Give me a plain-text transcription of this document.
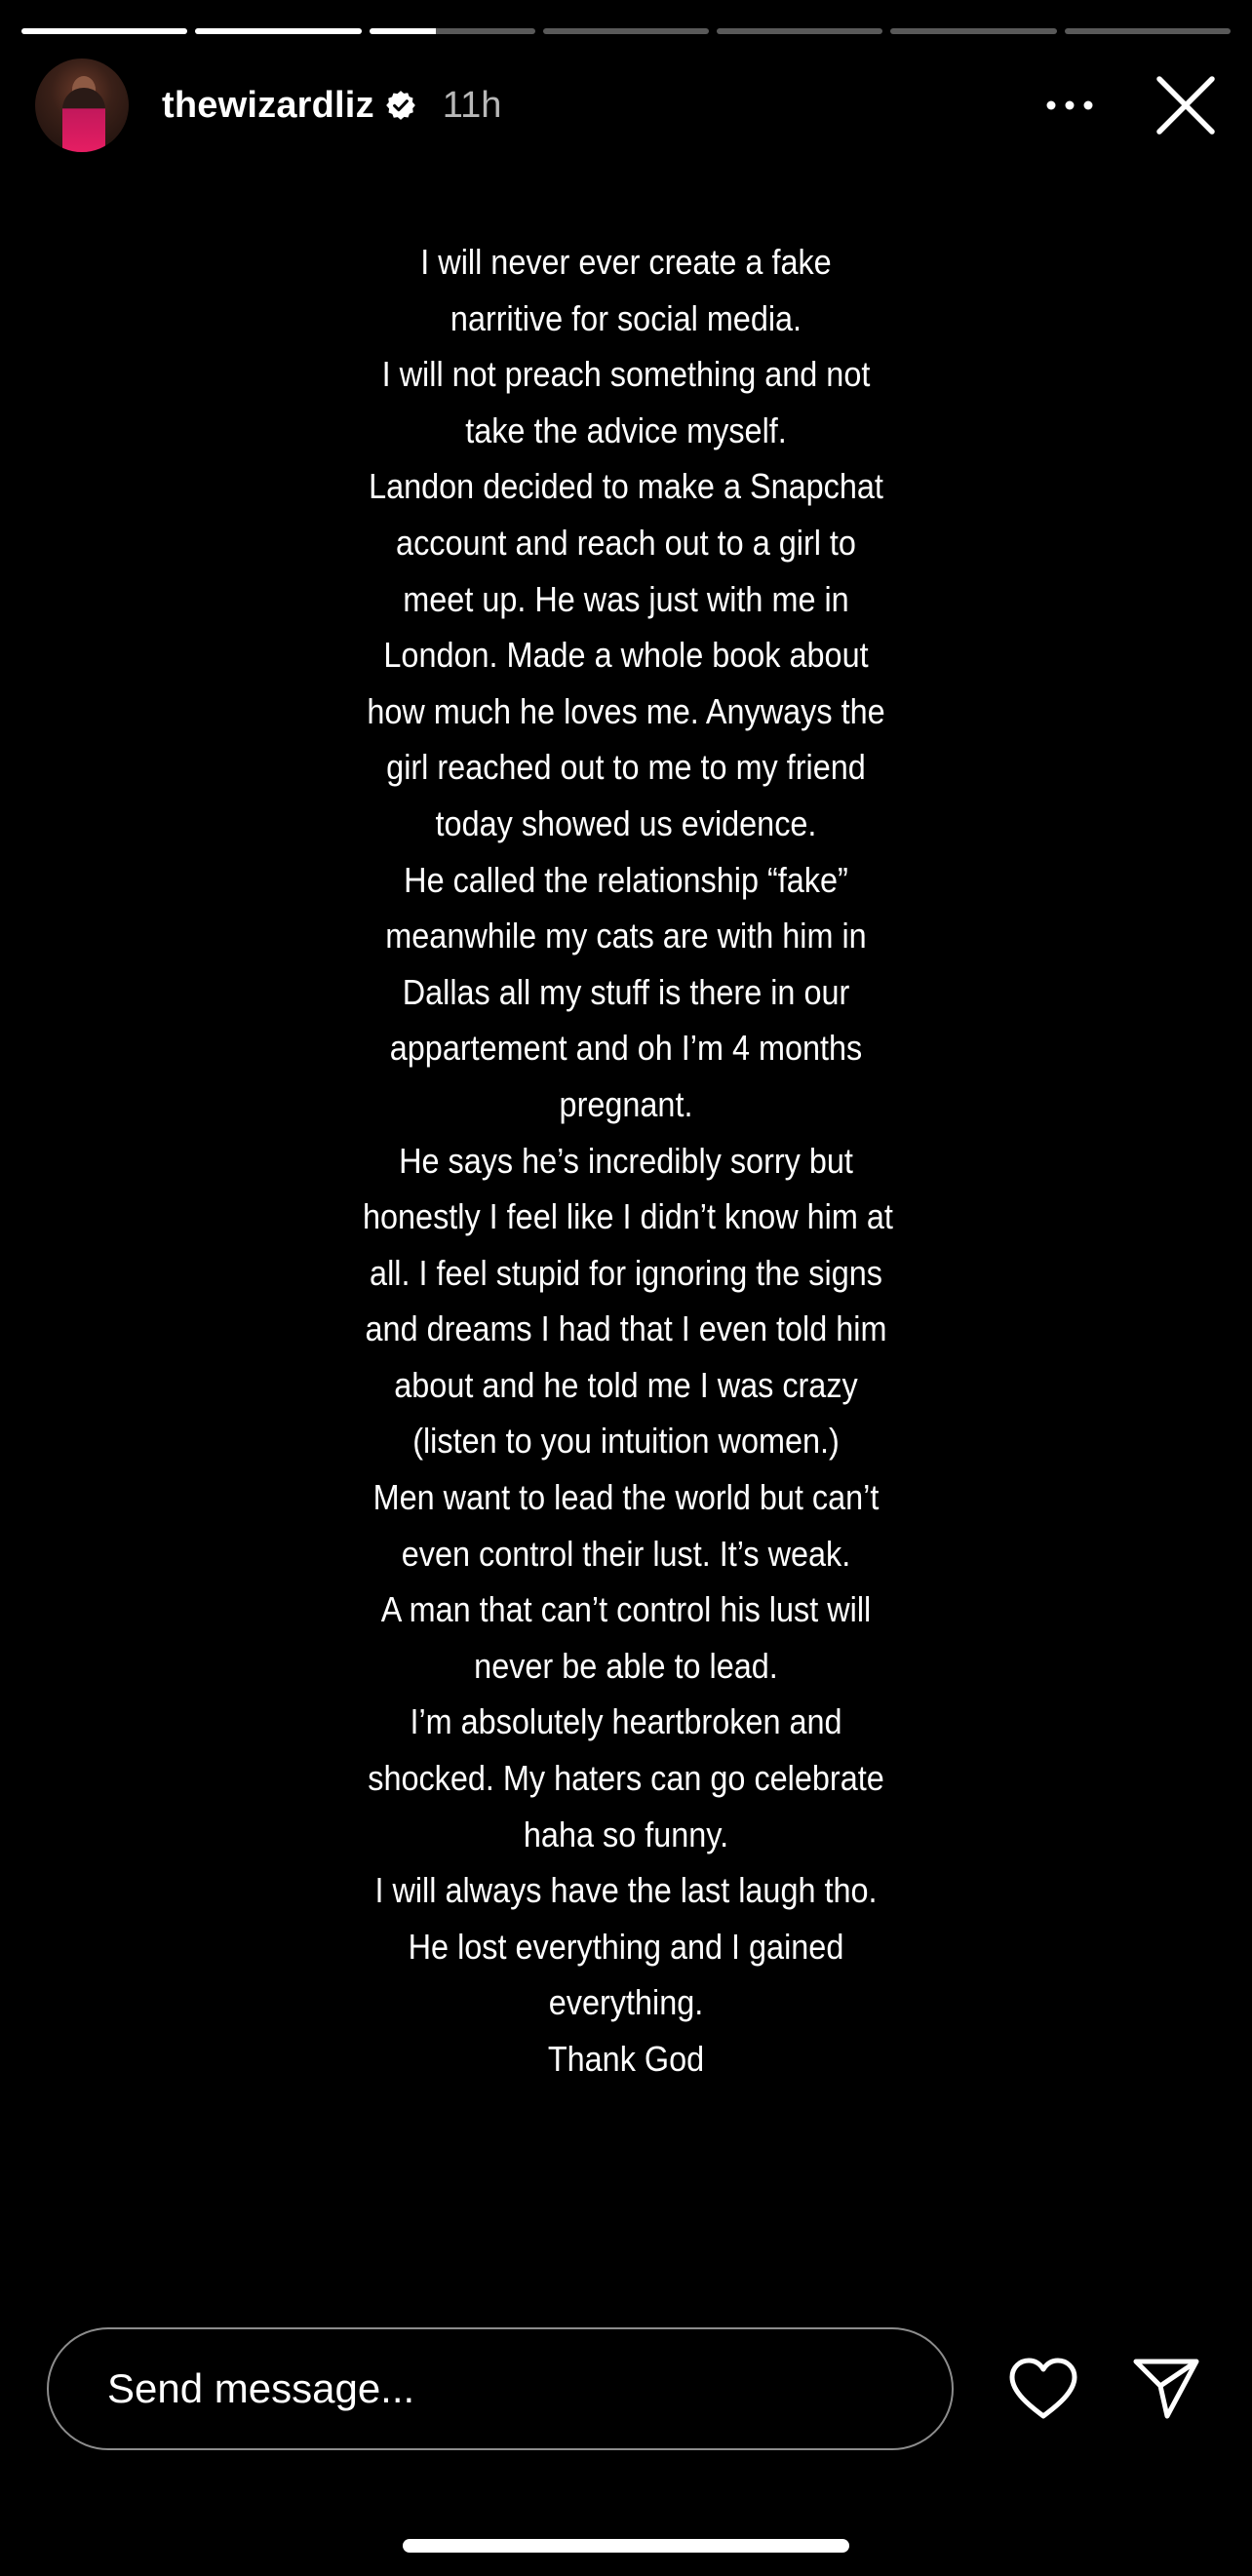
thewizardliz 11h
I will never ever create a fake
narritive for social media.
I will not preach something and not
take the advice myself.
Landon decided to make a Snapchat
account and reach out to a girl to
meet up. He was just with me in
London. Made a whole book about
how much he loves me. Anyways the
girl reached out to me to my friend
today showed us evidence.
He called the relationship “fake”
meanwhile my cats are with him in
Dallas all my stuff is there in our
appartement and oh I’m 4 months
pregnant.
He says he’s incredibly sorry but
honestly I feel like I didn’t know him at
all. I feel stupid for ignoring the signs
and dreams I had that I even told him
about and he told me I was crazy
(listen to you intuition women.)
Men want to lead the world but can’t
even control their lust. It’s weak.
A man that can’t control his lust will
never be able to lead.
I’m absolutely heartbroken and
shocked. My haters can go celebrate
haha so funny.
I will always have the last laugh tho.
He lost everything and I gained
everything.
Thank God
Send message...
